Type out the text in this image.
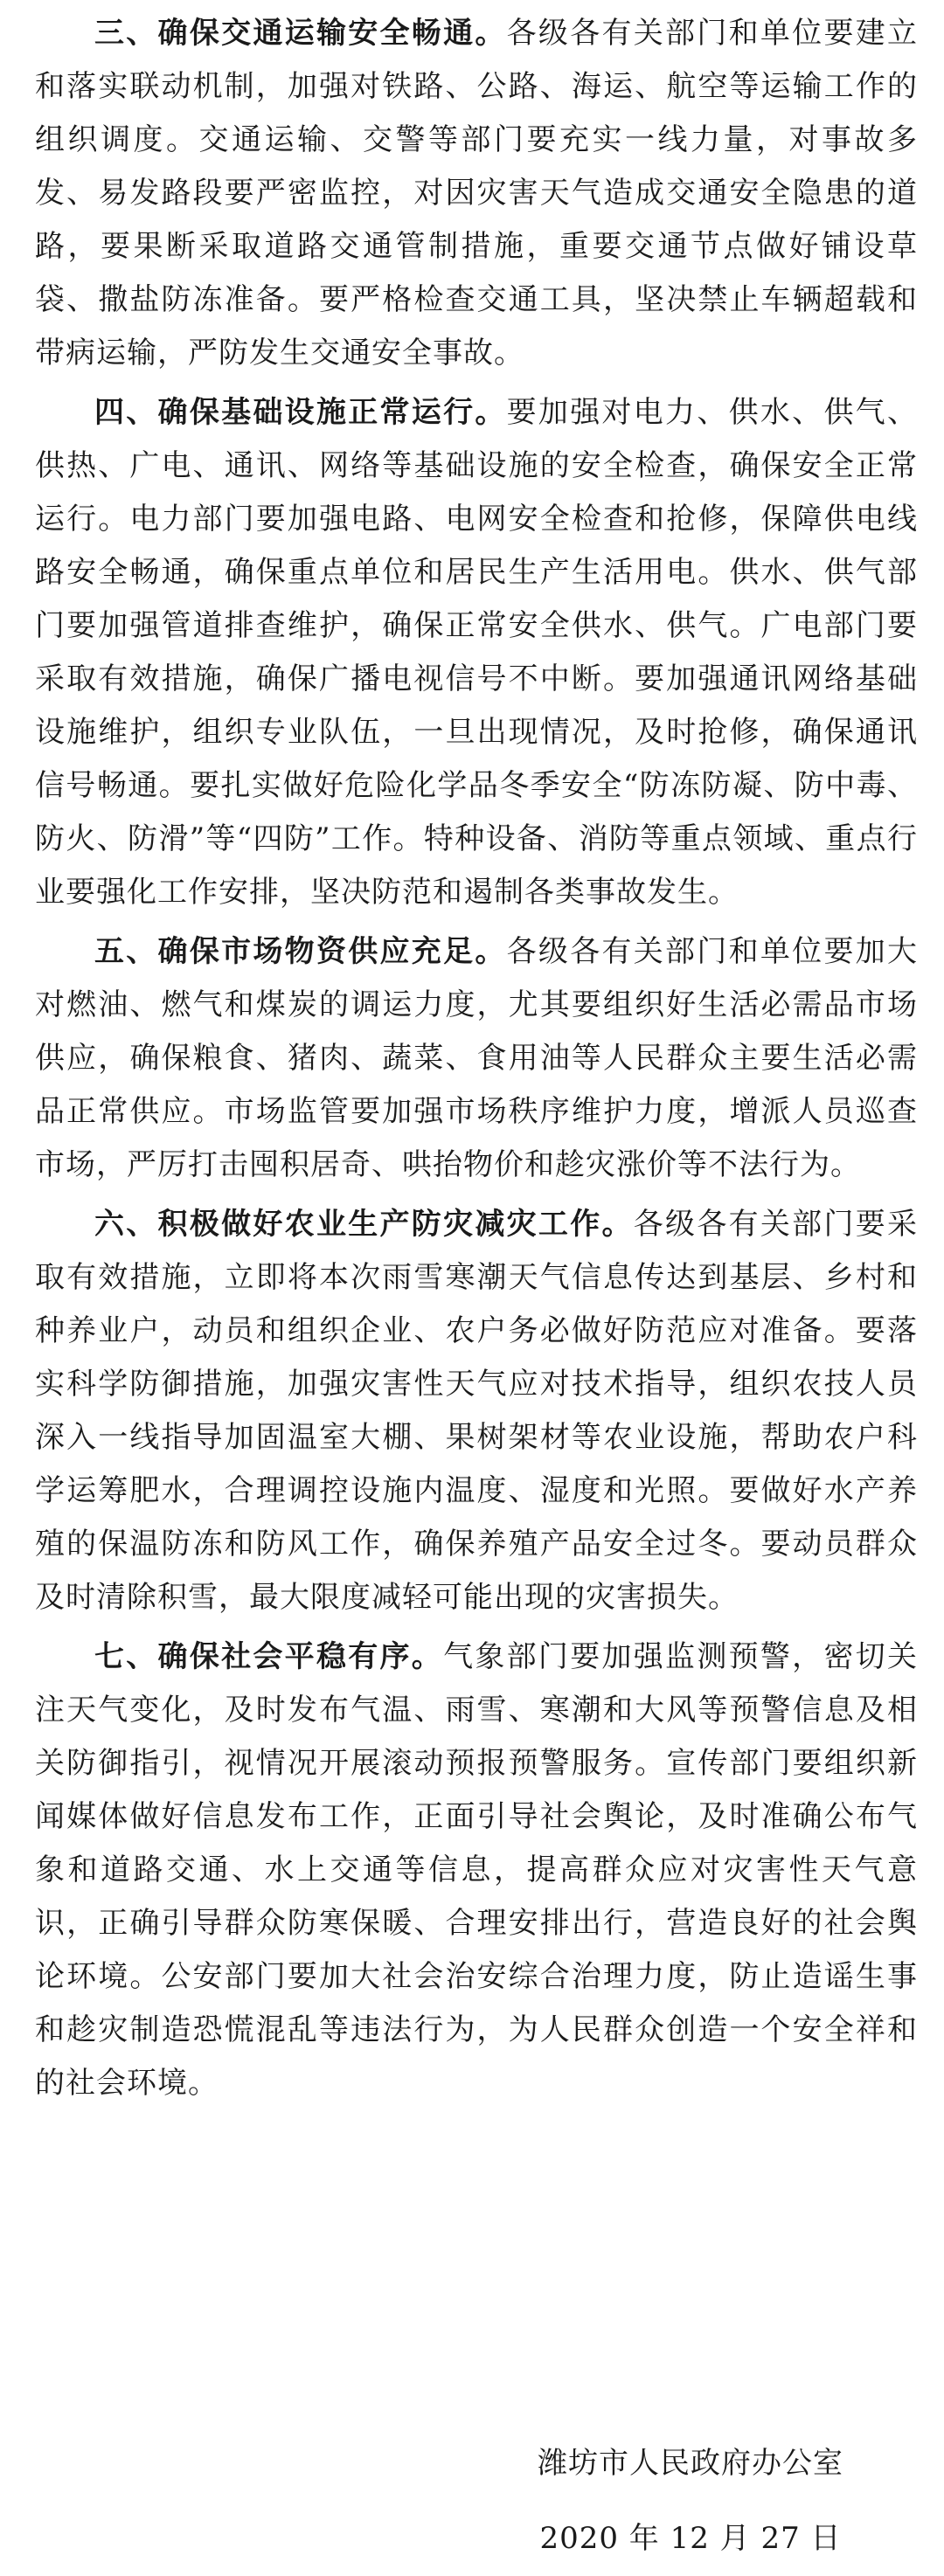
三、确保交通运输安全畅通。各级各有关部门和单位要建立和落实联动机制，加强对铁路、公路、海运、航空等运输工作的组织调度。交通运输、交警等部门要充实一线力量，对事故多发、易发路段要严密监控，对因灾害天气造成交通安全隐患的道路，要果断采取道路交通管制措施，重要交通节点做好铺设草袋、撒盐防冻准备。要严格检查交通工具，坚决禁止车辆超载和带病运输，严防发生交通安全事故。

四、确保基础设施正常运行。要加强对电力、供水、供气、供热、广电、通讯、网络等基础设施的安全检查，确保安全正常运行。电力部门要加强电路、电网安全检查和抢修，保障供电线路安全畅通，确保重点单位和居民生产生活用电。供水、供气部门要加强管道排查维护，确保正常安全供水、供气。广电部门要采取有效措施，确保广播电视信号不中断。要加强通讯网络基础设施维护，组织专业队伍，一旦出现情况，及时抢修，确保通讯信号畅通。要扎实做好危险化学品冬季安全“防冻防凝、防中毒、防火、防滑”等“四防”工作。特种设备、消防等重点领域、重点行业要强化工作安排，坚决防范和遏制各类事故发生。

五、确保市场物资供应充足。各级各有关部门和单位要加大对燃油、燃气和煤炭的调运力度，尤其要组织好生活必需品市场供应，确保粮食、猪肉、蔬菜、食用油等人民群众主要生活必需品正常供应。市场监管要加强市场秩序维护力度，增派人员巡查市场，严厉打击囤积居奇、哄抬物价和趁灾涨价等不法行为。

六、积极做好农业生产防灾减灾工作。各级各有关部门要采取有效措施，立即将本次雨雪寒潮天气信息传达到基层、乡村和种养业户，动员和组织企业、农户务必做好防范应对准备。要落实科学防御措施，加强灾害性天气应对技术指导，组织农技人员深入一线指导加固温室大棚、果树架材等农业设施，帮助农户科学运筹肥水，合理调控设施内温度、湿度和光照。要做好水产养殖的保温防冻和防风工作，确保养殖产品安全过冬。要动员群众及时清除积雪，最大限度减轻可能出现的灾害损失。

七、确保社会平稳有序。气象部门要加强监测预警，密切关注天气变化，及时发布气温、雨雪、寒潮和大风等预警信息及相关防御指引，视情况开展滚动预报预警服务。宣传部门要组织新闻媒体做好信息发布工作，正面引导社会舆论，及时准确公布气象和道路交通、水上交通等信息，提高群众应对灾害性天气意识，正确引导群众防寒保暖、合理安排出行，营造良好的社会舆论环境。公安部门要加大社会治安综合治理力度，防止造谣生事和趁灾制造恐慌混乱等违法行为，为人民群众创造一个安全祥和的社会环境。

潍坊市人民政府办公室
2020 年 12 月 27 日
